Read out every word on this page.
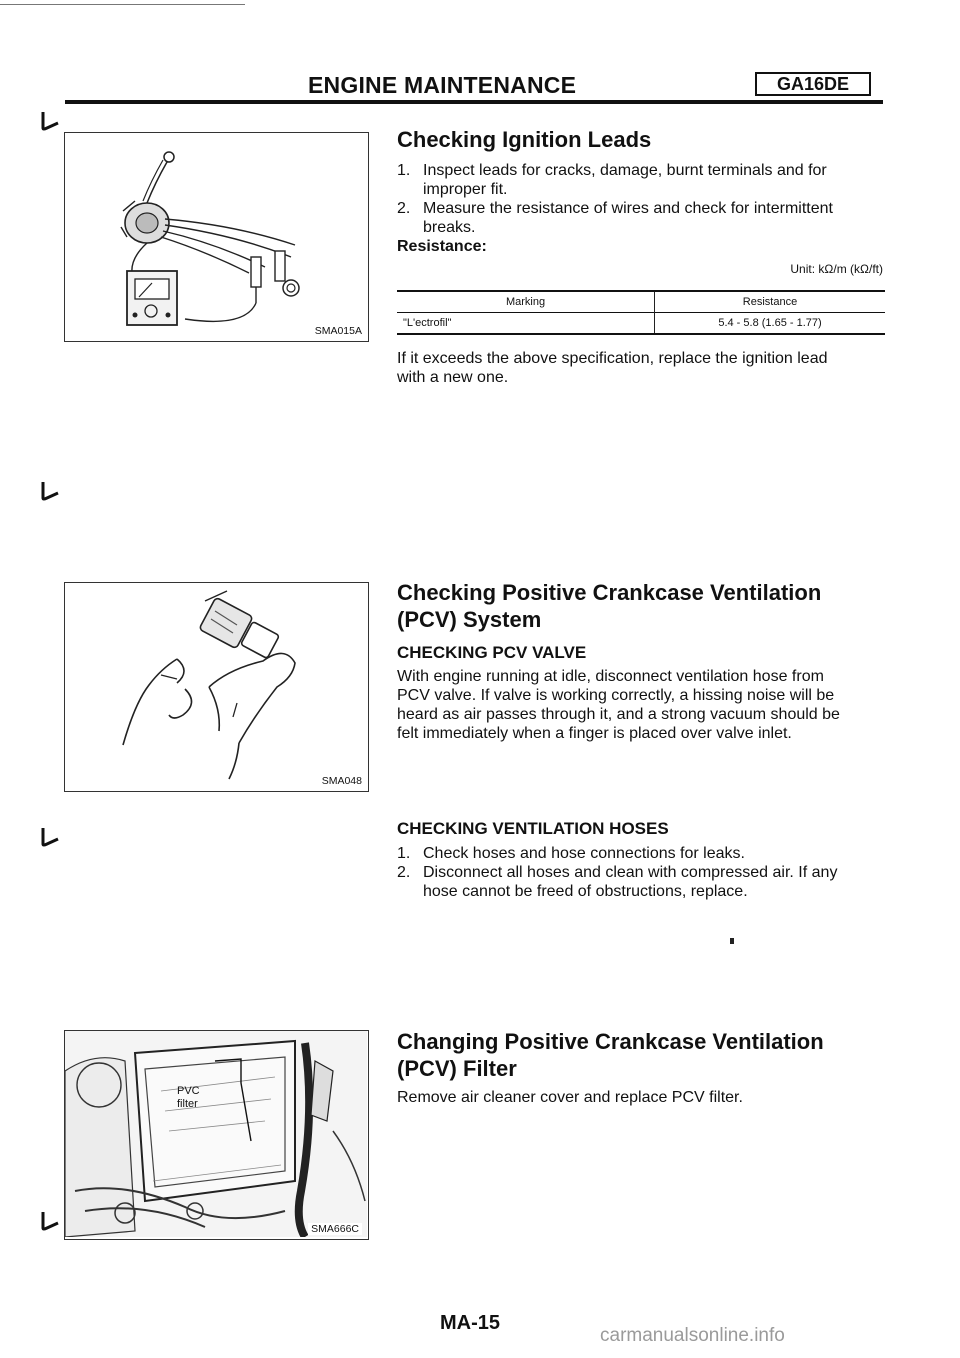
ENGINE MAINTENANCE	GA16DE
SMA015A
SMA048
PVC
filter
SMA666C
Checking Ignition Leads
1. Inspect leads for cracks, damage, burnt terminals and for
improper fit.
2. Measure the resistance of wires and check for intermittent
breaks.
Resistance:
Unit: kΩ/m (kΩ/ft)
Marking	Resistance
"L'ectrofil"	5.4 - 5.8 (1.65 - 1.77)

If it exceeds the above specification, replace the ignition lead

with a new one.

Checking Positive Crankcase Ventilation
(PCV) System
CHECKING PCV VALVE

With engine running at idle, disconnect ventilation hose from

PCV valve. If valve is working correctly, a hissing noise will be

heard as air passes through it, and a strong vacuum should be

felt immediately when a finger is placed over valve inlet.

CHECKING VENTILATION HOSES
1. Check hoses and hose connections for leaks.
2. Disconnect all hoses and clean with compressed air. If any
hose cannot be freed of obstructions, replace.
Changing Positive Crankcase Ventilation
(PCV) Filter

Remove air cleaner cover and replace PCV filter.

MA-15
carmanualsonline.info
